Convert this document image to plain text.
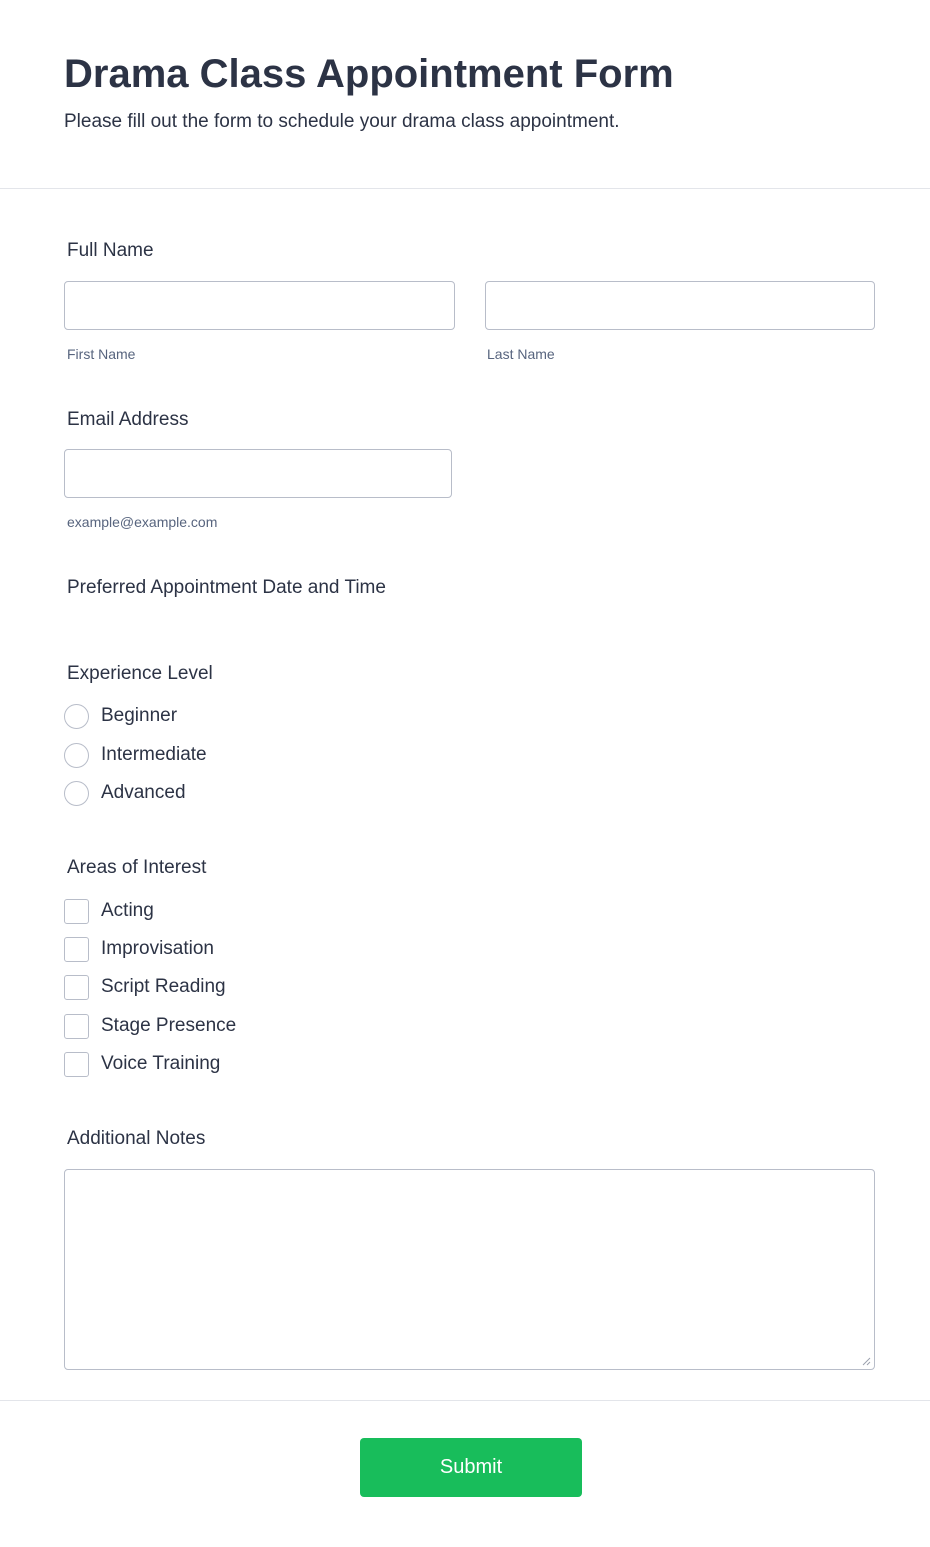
Drama Class Appointment Form

Please fill out the form to schedule your drama class appointment.

Full Name
First Name	Last Name
Email Address
example@example.com
Preferred Appointment Date and Time
Experience Level
Beginner
Intermediate
Advanced
Areas of Interest
Acting
Improvisation
Script Reading
Stage Presence
Voice Training
Additional Notes
Submit
